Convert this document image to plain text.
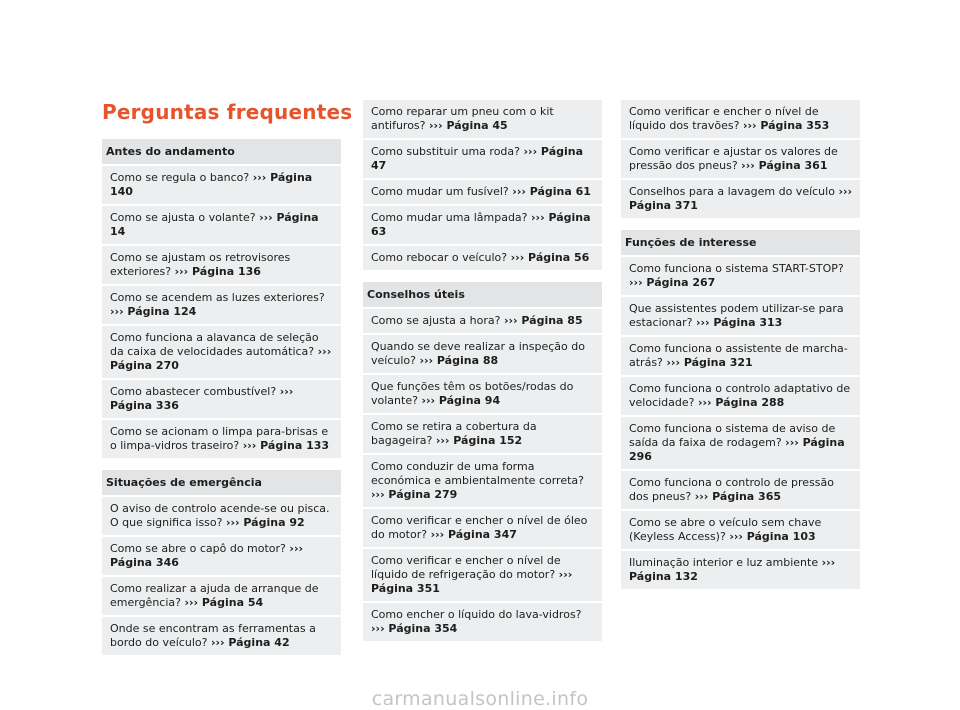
Perguntas frequentes
Antes do andamento
Como se regula o banco? ››› Página 140
Como se ajusta o volante? ››› Página 14
Como se ajustam os retrovisores exteriores? ››› Página 136
Como se acendem as luzes exteriores? ››› Página 124
Como funciona a alavanca de seleção da caixa de velocidades automática? ››› Página 270
Como abastecer combustível? ››› Página 336
Como se acionam o limpa para-brisas e o limpa-vidros traseiro? ››› Página 133
Situações de emergência
O aviso de controlo acende-se ou pisca. O que significa isso? ››› Página 92
Como se abre o capô do motor? ››› Página 346
Como realizar a ajuda de arranque de emergência? ››› Página 54
Onde se encontram as ferramentas a bordo do veículo? ››› Página 42
Como reparar um pneu com o kit antifuros? ››› Página 45
Como substituir uma roda? ››› Página 47
Como mudar um fusível? ››› Página 61
Como mudar uma lâmpada? ››› Página 63
Como rebocar o veículo? ››› Página 56
Conselhos úteis
Como se ajusta a hora? ››› Página 85
Quando se deve realizar a inspeção do veículo? ››› Página 88
Que funções têm os botões/rodas do volante? ››› Página 94
Como se retira a cobertura da bagageira? ››› Página 152
Como conduzir de uma forma económica e ambientalmente correta? ››› Página 279
Como verificar e encher o nível de óleo do motor? ››› Página 347
Como verificar e encher o nível de líquido de refrigeração do motor? ››› Página 351
Como encher o líquido do lava-vidros? ››› Página 354
Como verificar e encher o nível de líquido dos travões? ››› Página 353
Como verificar e ajustar os valores de pressão dos pneus? ››› Página 361
Conselhos para a lavagem do veículo ››› Página 371
Funções de interesse
Como funciona o sistema START-STOP? ››› Página 267
Que assistentes podem utilizar-se para estacionar? ››› Página 313
Como funciona o assistente de marcha-atrás? ››› Página 321
Como funciona o controlo adaptativo de velocidade? ››› Página 288
Como funciona o sistema de aviso de saída da faixa de rodagem? ››› Página 296
Como funciona o controlo de pressão dos pneus? ››› Página 365
Como se abre o veículo sem chave (Keyless Access)? ››› Página 103
Iluminação interior e luz ambiente ››› Página 132
carmanualsonline.info
